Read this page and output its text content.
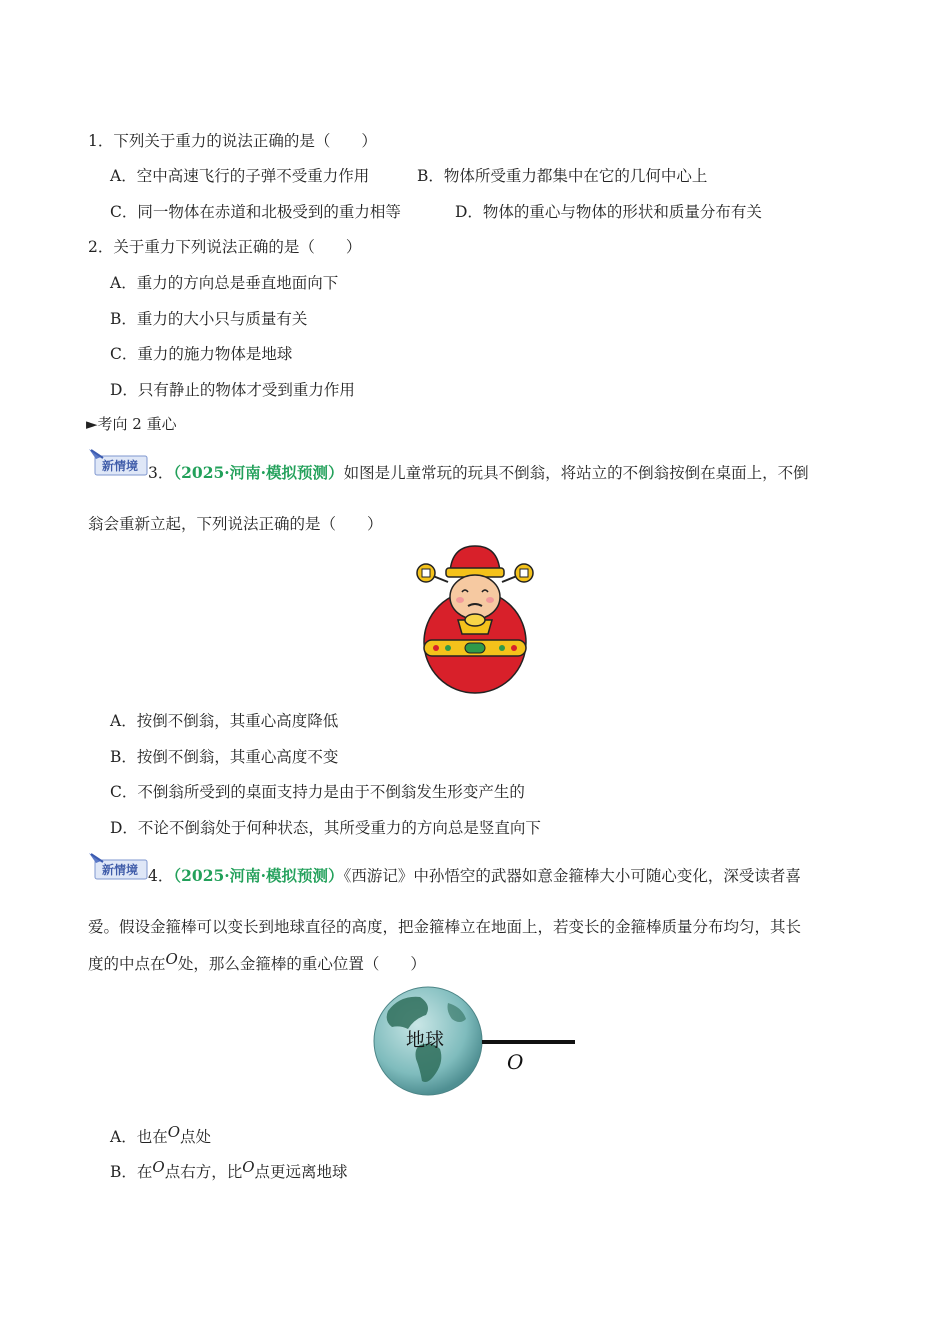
1．下列关于重力的说法正确的是（　　）
A．空中高速飞行的子弹不受重力作用	B．物体所受重力都集中在它的几何中心上
C．同一物体在赤道和北极受到的重力相等	D．物体的重心与物体的形状和质量分布有关
2．关于重力下列说法正确的是（　　）
A．重力的方向总是垂直地面向下
B．重力的大小只与质量有关
C．重力的施力物体是地球
D．只有静止的物体才受到重力作用
►考向 2 重心
新情境 3．（2025·河南·模拟预测）如图是儿童常玩的玩具不倒翁，将站立的不倒翁按倒在桌面上，不倒
翁会重新立起，下列说法正确的是（　　）
A．按倒不倒翁，其重心高度降低
B．按倒不倒翁，其重心高度不变
C．不倒翁所受到的桌面支持力是由于不倒翁发生形变产生的
D．不论不倒翁处于何种状态，其所受重力的方向总是竖直向下
新情境 4．（2025·河南·模拟预测）《西游记》中孙悟空的武器如意金箍棒大小可随心变化，深受读者喜
爱。假设金箍棒可以变长到地球直径的高度，把金箍棒立在地面上，若变长的金箍棒质量分布均匀，其长
度的中点在O处，那么金箍棒的重心位置（　　）
地球
O
A．也在O点处
B．在O点右方，比O点更远离地球
